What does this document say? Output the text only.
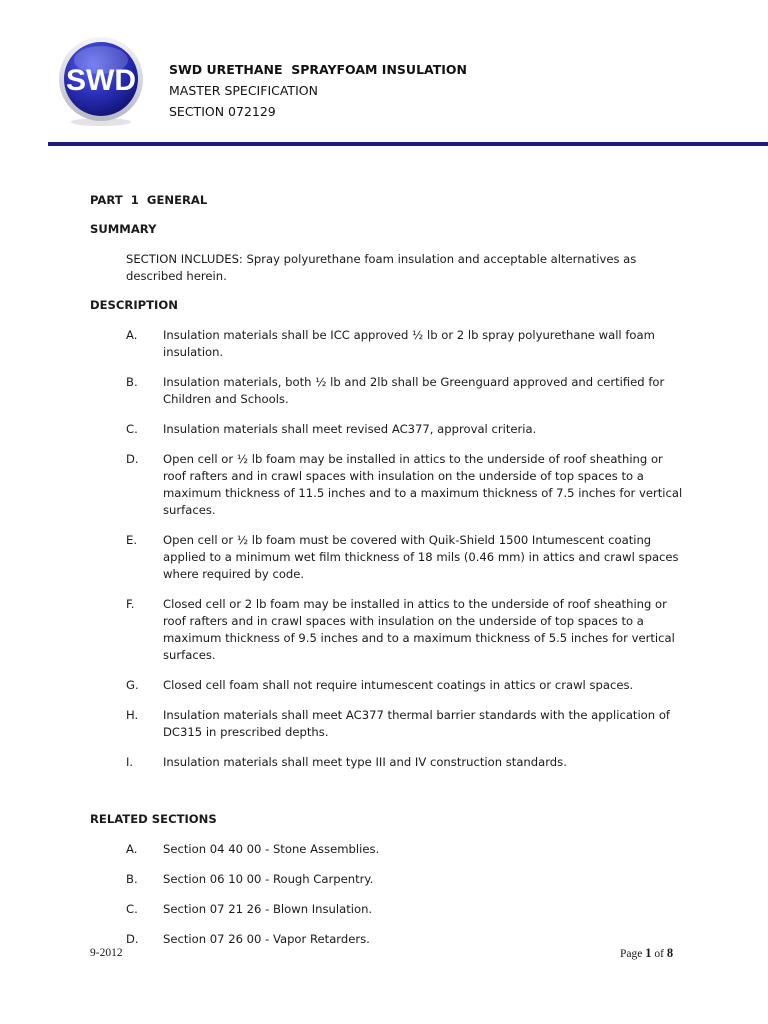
SWD	SWD URETHANE  SPRAYFOAM INSULATION
MASTER SPECIFICATION
SECTION 072129

PART  1  GENERAL

SUMMARY

SECTION INCLUDES: Spray polyurethane foam insulation and acceptable alternatives as described herein.

DESCRIPTION

A.	Insulation materials shall be ICC approved ½ lb or 2 lb spray polyurethane wall foam insulation.
B.	Insulation materials, both ½ lb and 2lb shall be Greenguard approved and certified for Children and Schools.
C.	Insulation materials shall meet revised AC377, approval criteria.
D.	Open cell or ½ lb foam may be installed in attics to the underside of roof sheathing or roof rafters and in crawl spaces with insulation on the underside of top spaces to a maximum thickness of 11.5 inches and to a maximum thickness of 7.5 inches for vertical surfaces.
E.	Open cell or ½ lb foam must be covered with Quik-Shield 1500 Intumescent coating applied to a minimum wet film thickness of 18 mils (0.46 mm) in attics and crawl spaces where required by code.
F.	Closed cell or 2 lb foam may be installed in attics to the underside of roof sheathing or roof rafters and in crawl spaces with insulation on the underside of top spaces to a maximum thickness of 9.5 inches and to a maximum thickness of 5.5 inches for vertical surfaces.
G.	Closed cell foam shall not require intumescent coatings in attics or crawl spaces.
H.	Insulation materials shall meet AC377 thermal barrier standards with the application of DC315 in prescribed depths.
I.	Insulation materials shall meet type III and IV construction standards.

RELATED SECTIONS

A.	Section 04 40 00 - Stone Assemblies.
B.	Section 06 10 00 - Rough Carpentry.
C.	Section 07 21 26 - Blown Insulation.
D.	Section 07 26 00 - Vapor Retarders.
9-2012	Page 1 of 8
